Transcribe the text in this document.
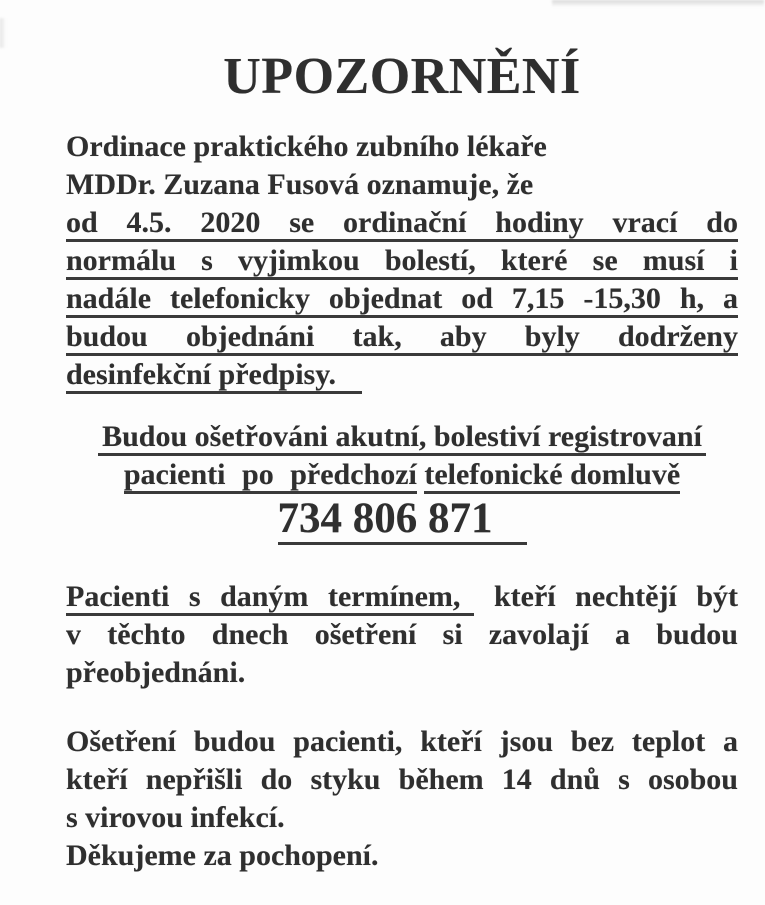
UPOZORNĚNÍ
Ordinace praktického zubního lékaře
MDDr. Zuzana Fusová oznamuje, že
od 4.5. 2020 se ordinační hodiny vrací do
normálu s vyjimkou bolestí, které se musí i
nadále telefonicky objednat od 7,15 -15,30 h, a
budou objednáni tak, aby byly dodrženy
desinfekční předpisy.
Budou ošetřováni akutní, bolestiví registrovaní
pacienti po předchozí telefonické domluvě
734 806 871
Pacienti s daným termínem, kteří nechtějí být
v těchto dnech ošetření si zavolají a budou
přeobjednáni.
Ošetření budou pacienti, kteří jsou bez teplot a
kteří nepřišli do styku během 14 dnů s osobou
s virovou infekcí.
Děkujeme za pochopení.
